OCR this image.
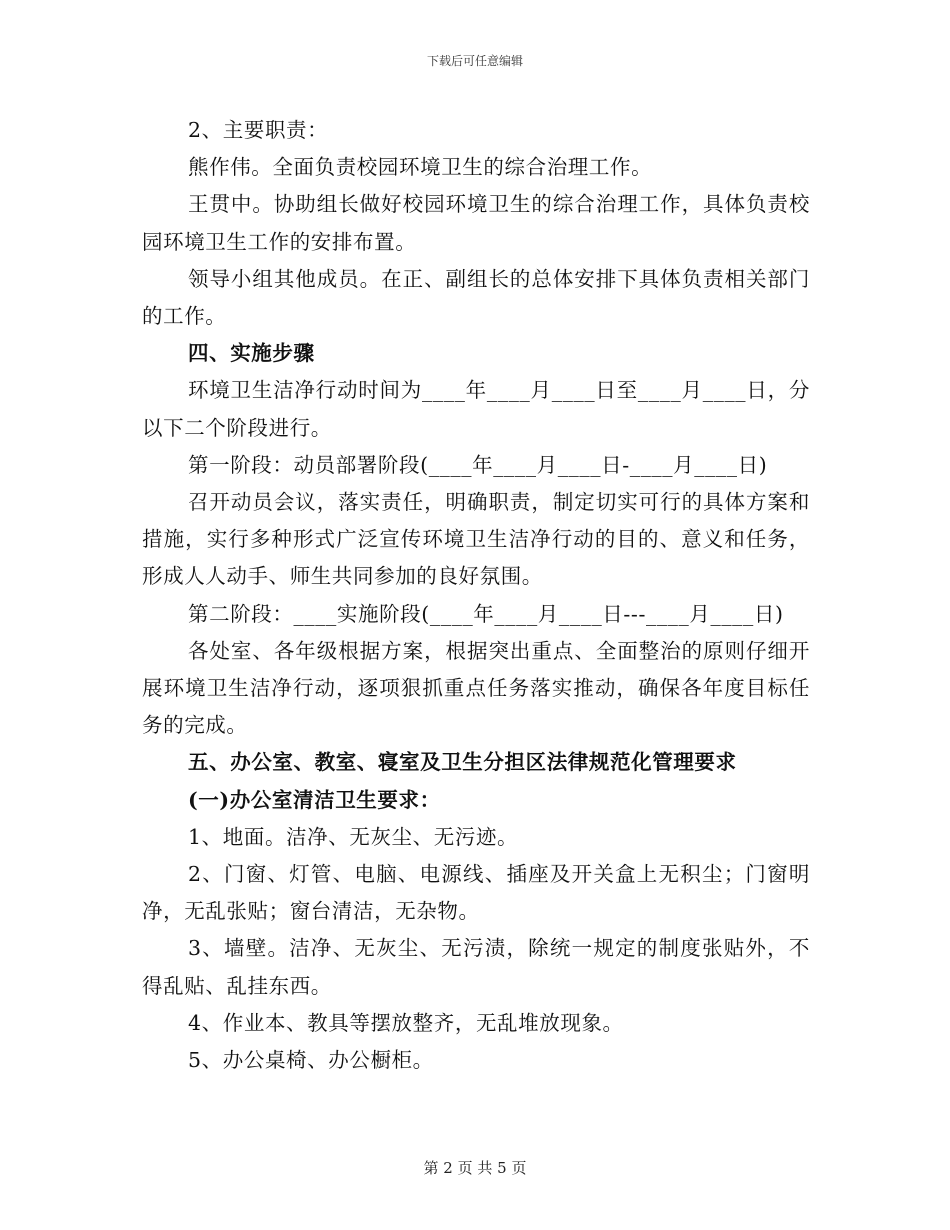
下载后可任意编辑

2、主要职责：

熊作伟。全面负责校园环境卫生的综合治理工作。

王贯中。协助组长做好校园环境卫生的综合治理工作，具体负责校园环境卫生工作的安排布置。

领导小组其他成员。在正、副组长的总体安排下具体负责相关部门的工作。

四、实施步骤

环境卫生洁净行动时间为____年____月____日至____月____日，分以下二个阶段进行。

第一阶段：动员部署阶段(____年____月____日-____月____日)

召开动员会议，落实责任，明确职责，制定切实可行的具体方案和措施，实行多种形式广泛宣传环境卫生洁净行动的目的、意义和任务，形成人人动手、师生共同参加的良好氛围。

第二阶段：____实施阶段(____年____月____日---____月____日)

各处室、各年级根据方案，根据突出重点、全面整治的原则仔细开展环境卫生洁净行动，逐项狠抓重点任务落实推动，确保各年度目标任务的完成。

五、办公室、教室、寝室及卫生分担区法律规范化管理要求

(一)办公室清洁卫生要求：

1、地面。洁净、无灰尘、无污迹。

2、门窗、灯管、电脑、电源线、插座及开关盒上无积尘；门窗明净，无乱张贴；窗台清洁，无杂物。

3、墙壁。洁净、无灰尘、无污渍，除统一规定的制度张贴外，不得乱贴、乱挂东西。

4、作业本、教具等摆放整齐，无乱堆放现象。

5、办公桌椅、办公橱柜。

第 2 页 共 5 页
